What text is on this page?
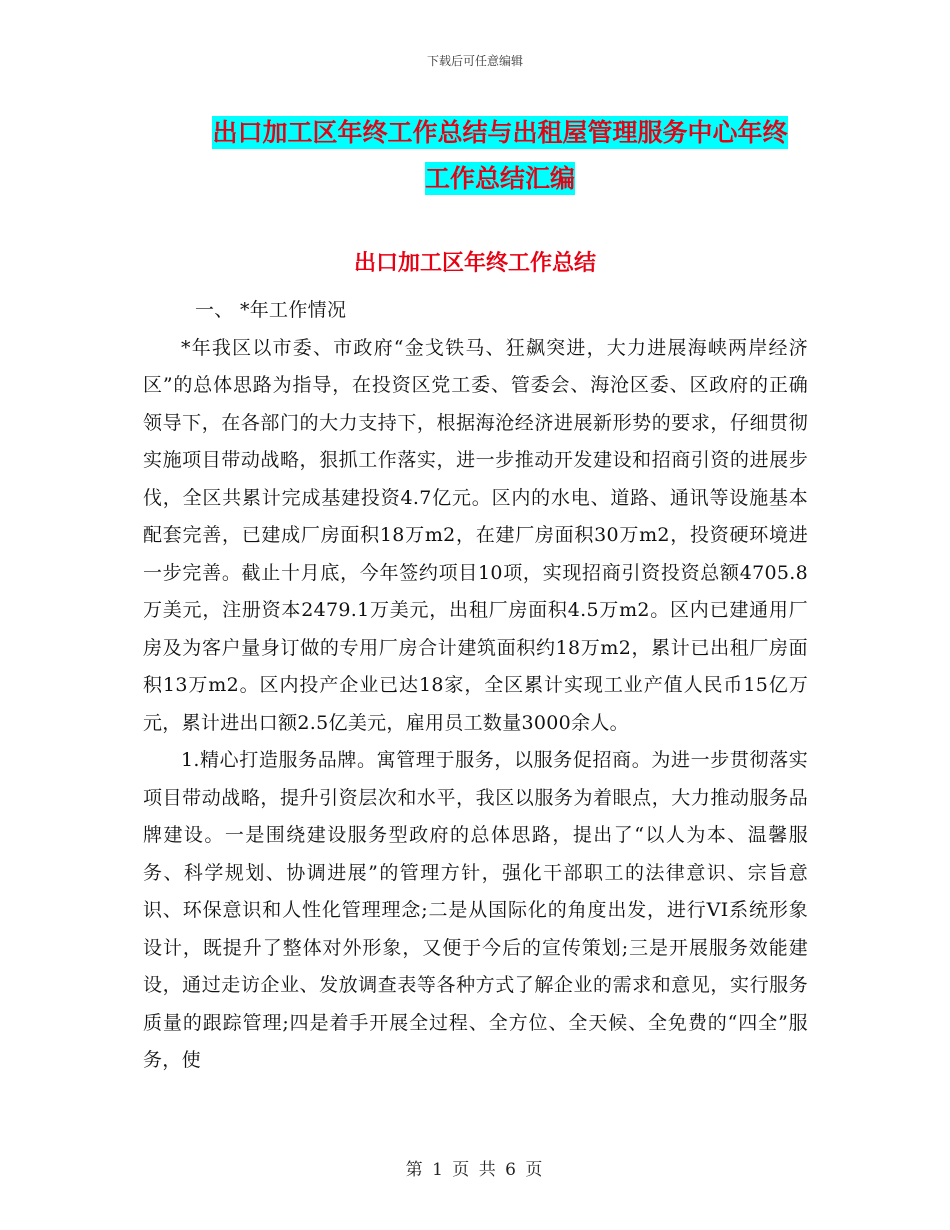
下载后可任意编辑
出口加工区年终工作总结与出租屋管理服务中心年终
工作总结汇编
出口加工区年终工作总结

一、 *年工作情况

*年我区以市委、市政府“金戈铁马、狂飙突进，大力进展海峡两岸经济区”的总体思路为指导，在投资区党工委、管委会、海沧区委、区政府的正确领导下，在各部门的大力支持下，根据海沧经济进展新形势的要求，仔细贯彻实施项目带动战略，狠抓工作落实，进一步推动开发建设和招商引资的进展步伐，全区共累计完成基建投资4.7亿元。区内的水电、道路、通讯等设施基本配套完善，已建成厂房面积18万m2，在建厂房面积30万m2，投资硬环境进一步完善。截止十月底，今年签约项目10项，实现招商引资投资总额4705.8万美元，注册资本2479.1万美元，出租厂房面积4.5万m2。区内已建通用厂房及为客户量身订做的专用厂房合计建筑面积约18万m2，累计已出租厂房面积13万m2。区内投产企业已达18家，全区累计实现工业产值人民币15亿万元，累计进出口额2.5亿美元，雇用员工数量3000余人。

1.精心打造服务品牌。寓管理于服务，以服务促招商。为进一步贯彻落实项目带动战略，提升引资层次和水平，我区以服务为着眼点，大力推动服务品牌建设。一是围绕建设服务型政府的总体思路，提出了“以人为本、温馨服务、科学规划、协调进展”的管理方针，强化干部职工的法律意识、宗旨意识、环保意识和人性化管理理念;二是从国际化的角度出发，进行VI系统形象设计，既提升了整体对外形象，又便于今后的宣传策划;三是开展服务效能建设，通过走访企业、发放调查表等各种方式了解企业的需求和意见，实行服务质量的跟踪管理;四是着手开展全过程、全方位、全天候、全免费的“四全”服务，使

第 1 页 共 6 页
